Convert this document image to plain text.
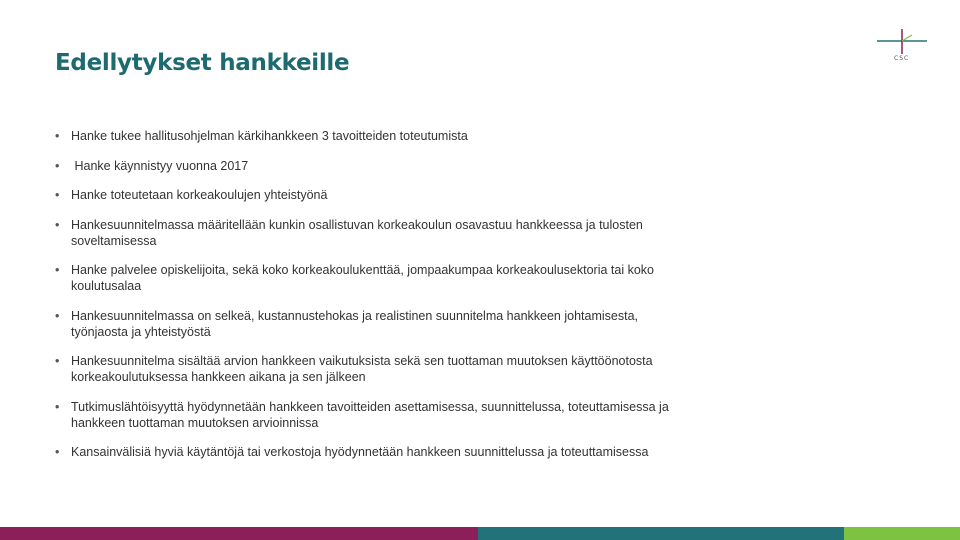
Edellytykset hankkeille	CSC
• Hanke tukee hallitusohjelman kärkihankkeen 3 tavoitteiden toteutumista
• Hanke käynnistyy vuonna 2017
• Hanke toteutetaan korkeakoulujen yhteistyönä
• Hankesuunnitelmassa määritellään kunkin osallistuvan korkeakoulun osavastuu hankkeessa ja tulosten soveltamisessa
• Hanke palvelee opiskelijoita, sekä koko korkeakoulukenttää, jompaakumpaa korkeakoulusektoria tai koko koulutusalaa
• Hankesuunnitelmassa on selkeä, kustannustehokas ja realistinen suunnitelma hankkeen johtamisesta, työnjaosta ja yhteistyöstä
• Hankesuunnitelma sisältää arvion hankkeen vaikutuksista sekä sen tuottaman muutoksen käyttöönotosta korkeakoulutuksessa hankkeen aikana ja sen jälkeen
• Tutkimuslähtöisyyttä hyödynnetään hankkeen tavoitteiden asettamisessa, suunnittelussa, toteuttamisessa ja hankkeen tuottaman muutoksen arvioinnissa
• Kansainvälisiä hyviä käytäntöjä tai verkostoja hyödynnetään hankkeen suunnittelussa ja toteuttamisessa
